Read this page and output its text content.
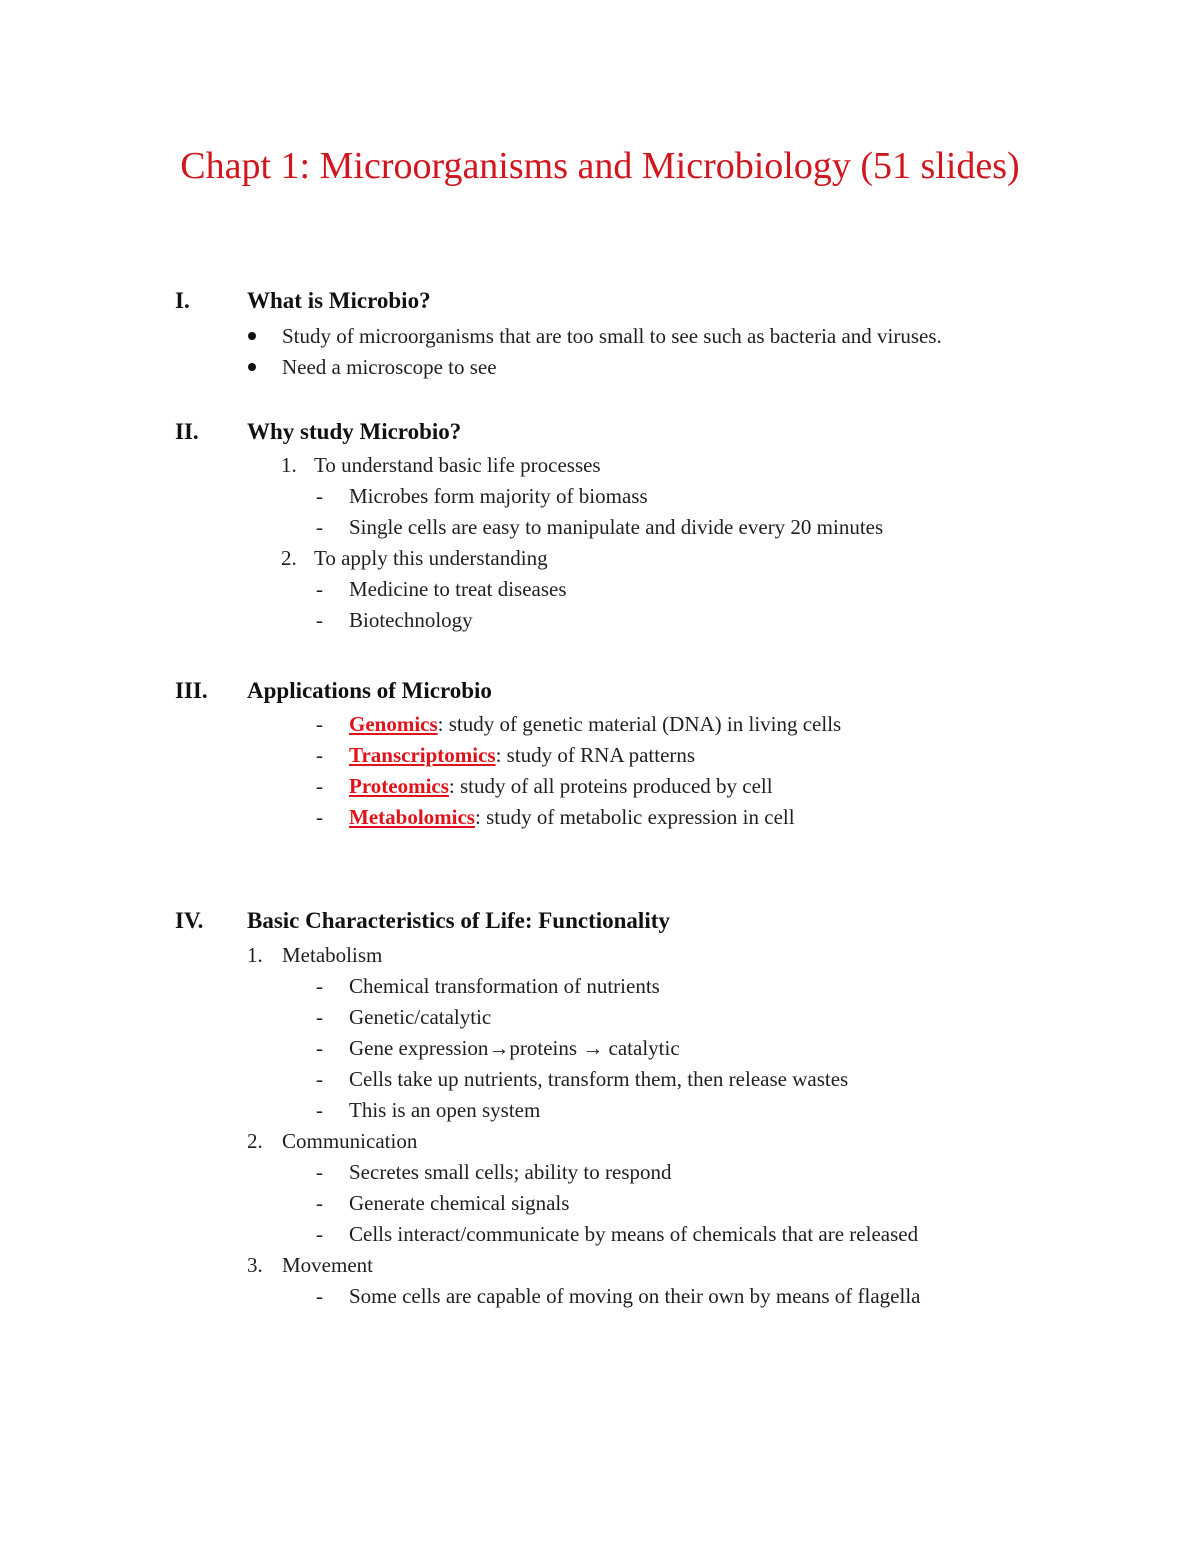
Chapt 1: Microorganisms and Microbiology (51 slides)
I. What is Microbio?
Study of microorganisms that are too small to see such as bacteria and viruses.
Need a microscope to see
II. Why study Microbio?
1. To understand basic life processes
- Microbes form majority of biomass
- Single cells are easy to manipulate and divide every 20 minutes
2. To apply this understanding
- Medicine to treat diseases
- Biotechnology
III. Applications of Microbio
- Genomics: study of genetic material (DNA) in living cells
- Transcriptomics: study of RNA patterns
- Proteomics: study of all proteins produced by cell
- Metabolomics: study of metabolic expression in cell
IV. Basic Characteristics of Life: Functionality
1. Metabolism
- Chemical transformation of nutrients
- Genetic/catalytic
- Gene expression→proteins → catalytic
- Cells take up nutrients, transform them, then release wastes
- This is an open system
2. Communication
- Secretes small cells; ability to respond
- Generate chemical signals
- Cells interact/communicate by means of chemicals that are released
3. Movement
- Some cells are capable of moving on their own by means of flagella
